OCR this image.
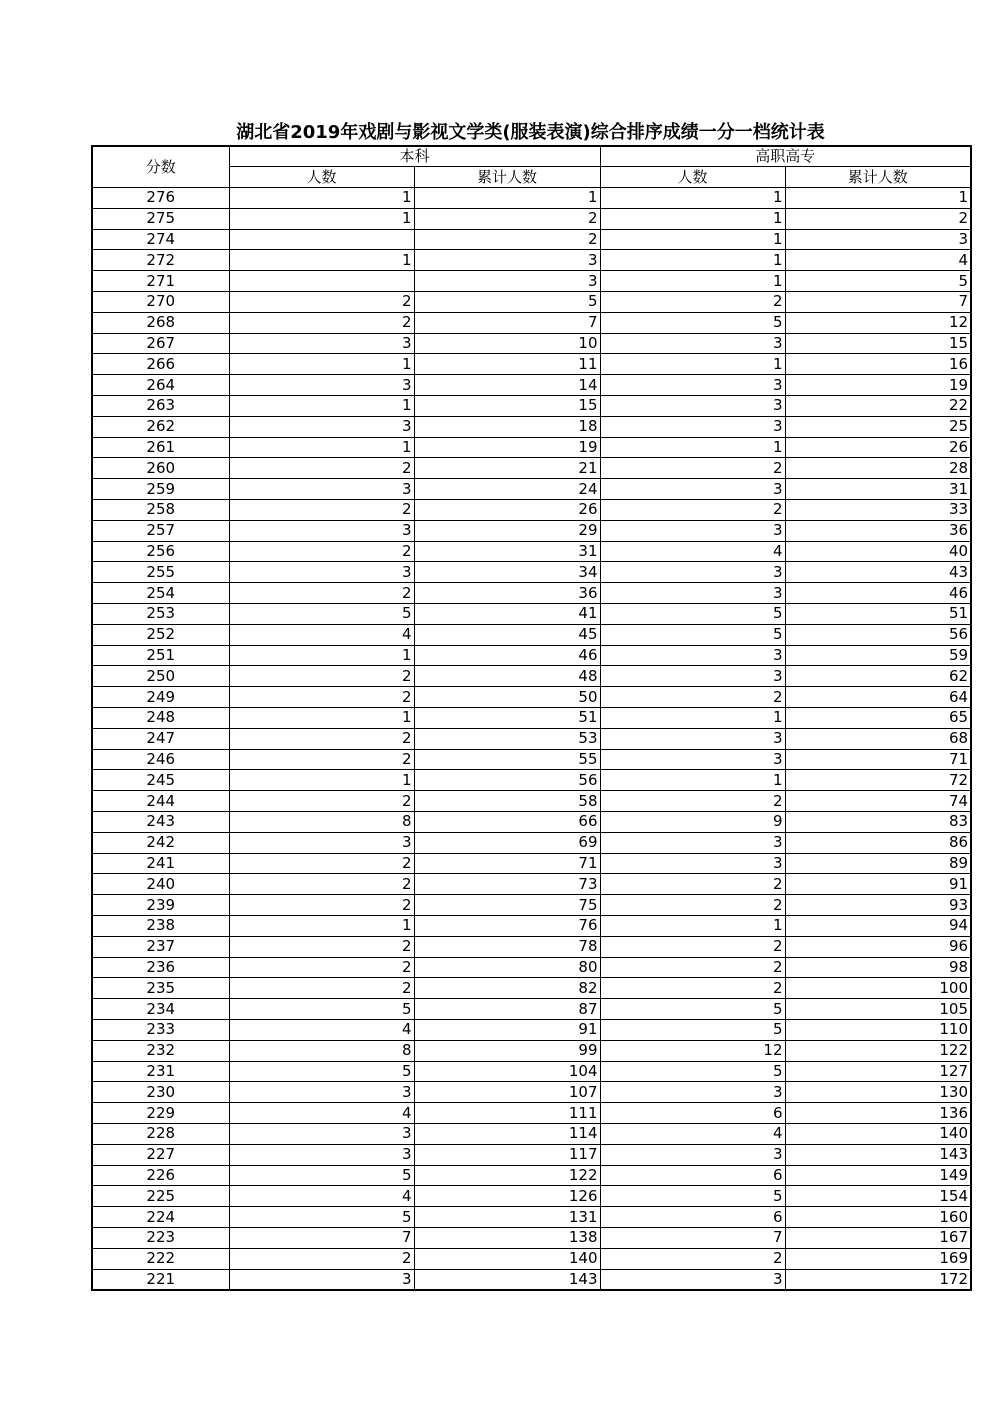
湖北省2019年戏剧与影视文学类(服装表演)综合排序成绩一分一档统计表
分数	本科		高职高专	
	人数	累计人数	人数	累计人数
276	1	1	1	1
275	1	2	1	2
274		2	1	3
272	1	3	1	4
271		3	1	5
270	2	5	2	7
268	2	7	5	12
267	3	10	3	15
266	1	11	1	16
264	3	14	3	19
263	1	15	3	22
262	3	18	3	25
261	1	19	1	26
260	2	21	2	28
259	3	24	3	31
258	2	26	2	33
257	3	29	3	36
256	2	31	4	40
255	3	34	3	43
254	2	36	3	46
253	5	41	5	51
252	4	45	5	56
251	1	46	3	59
250	2	48	3	62
249	2	50	2	64
248	1	51	1	65
247	2	53	3	68
246	2	55	3	71
245	1	56	1	72
244	2	58	2	74
243	8	66	9	83
242	3	69	3	86
241	2	71	3	89
240	2	73	2	91
239	2	75	2	93
238	1	76	1	94
237	2	78	2	96
236	2	80	2	98
235	2	82	2	100
234	5	87	5	105
233	4	91	5	110
232	8	99	12	122
231	5	104	5	127
230	3	107	3	130
229	4	111	6	136
228	3	114	4	140
227	3	117	3	143
226	5	122	6	149
225	4	126	5	154
224	5	131	6	160
223	7	138	7	167
222	2	140	2	169
221	3	143	3	172
